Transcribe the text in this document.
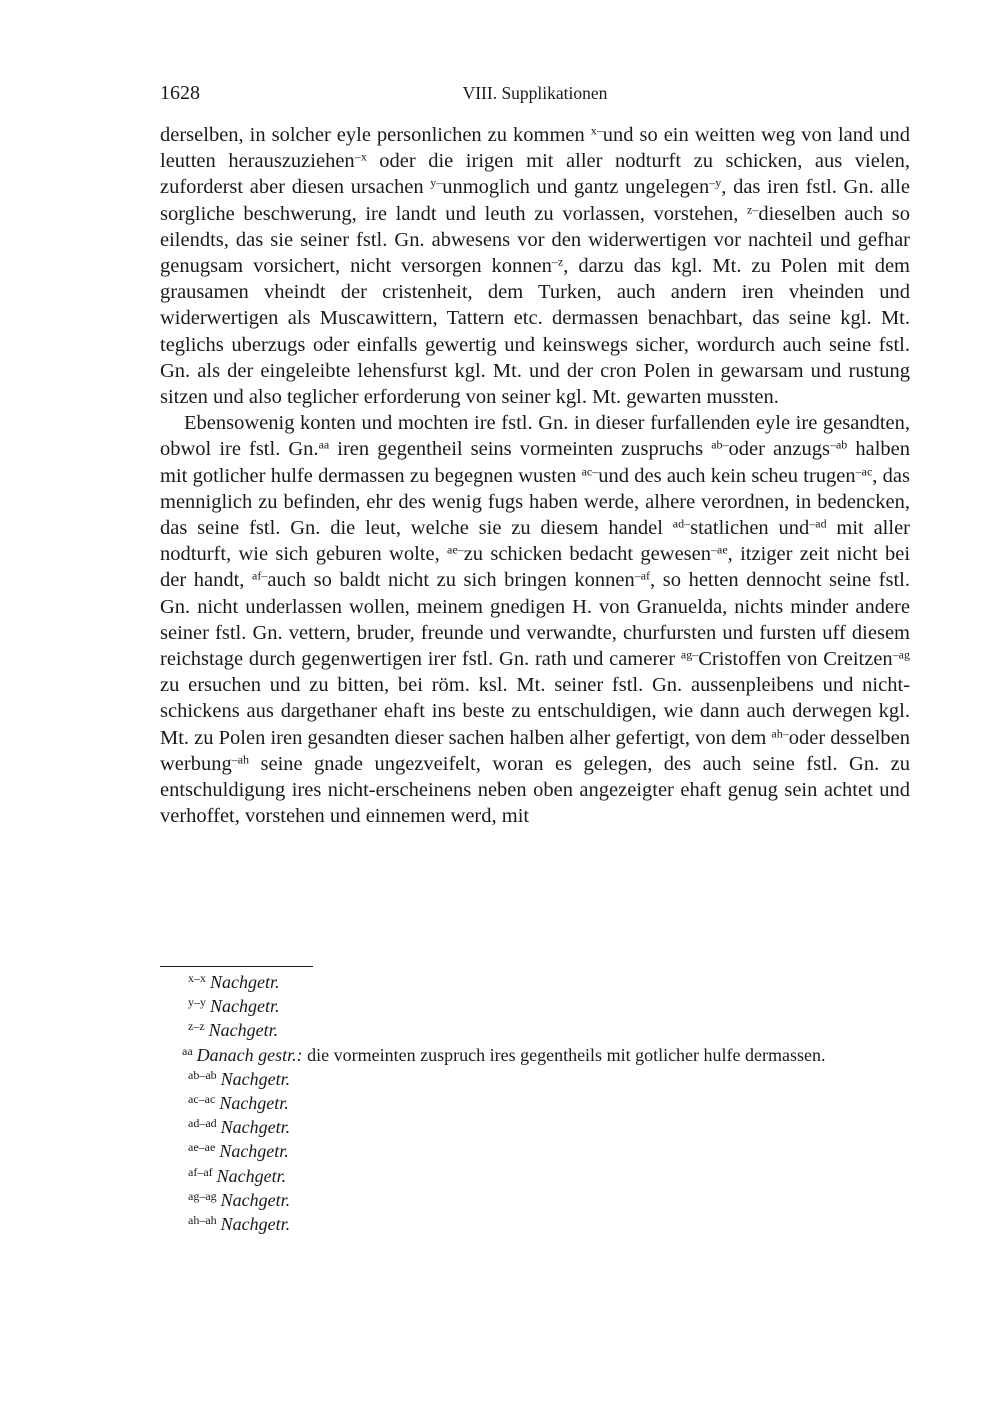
1628	VIII. Supplikationen

derselben, in solcher eyle personlichen zu kommen $^{x-}$und so ein weitten weg von land und leutten herauszuziehen$^{-x}$ oder die irigen mit aller nodturft zu schicken, aus vielen, zuforderst aber diesen ursachen $^{y-}$unmoglich und gantz ungelegen$^{-y}$, das iren fstl. Gn. alle sorgliche beschwerung, ire landt und leuth zu vorlassen, vorstehen, $^{z-}$dieselben auch so eilendts, das sie seiner fstl. Gn. abwesens vor den widerwertigen vor nachteil und gefhar genugsam vorsichert, nicht versorgen konnen$^{-z}$, darzu das kgl. Mt. zu Polen mit dem grausamen vheindt der cristenheit, dem Turken, auch andern iren vheinden und widerwertigen als Muscawittern, Tattern etc. dermassen benachbart, das seine kgl. Mt. teglichs uberzugs oder einfalls gewertig und keinswegs sicher, wordurch auch seine fstl. Gn. als der eingeleibte lehensfurst kgl. Mt. und der cron Polen in gewarsam und rustung sitzen und also teglicher erforderung von seiner kgl. Mt. gewarten mussten.

Ebensowenig konten und mochten ire fstl. Gn. in dieser furfallenden eyle ire gesandten, obwol ire fstl. Gn.$^{aa}$ iren gegentheil seins vormeinten zuspruchs $^{ab-}$oder anzugs$^{-ab}$ halben mit gotlicher hulfe dermassen zu begegnen wusten $^{ac-}$und des auch kein scheu trugen$^{-ac}$, das menniglich zu befinden, ehr des wenig fugs haben werde, alhere verordnen, in bedencken, das seine fstl. Gn. die leut, welche sie zu diesem handel $^{ad-}$statlichen und$^{-ad}$ mit aller nodturft, wie sich geburen wolte, $^{ae-}$zu schicken bedacht gewesen$^{-ae}$, itziger zeit nicht bei der handt, $^{af-}$auch so baldt nicht zu sich bringen konnen$^{-af}$, so hetten dennocht seine fstl. Gn. nicht underlassen wollen, meinem gnedigen H. von Granuelda, nichts minder andere seiner fstl. Gn. vettern, bruder, freunde und verwandte, churfursten und fursten uff diesem reichstage durch gegenwertigen irer fstl. Gn. rath und camerer $^{ag-}$Cristoffen von Creitzen$^{-ag}$ zu ersuchen und zu bitten, bei röm. ksl. Mt. seiner fstl. Gn. aussenpleibens und nicht-schickens aus dargethaner ehaft ins beste zu entschuldigen, wie dann auch derwegen kgl. Mt. zu Polen iren gesandten dieser sachen halben alher gefertigt, von dem $^{ah-}$oder desselben werbung$^{-ah}$ seine gnade ungezveifelt, woran es gelegen, des auch seine fstl. Gn. zu entschuldigung ires nicht-erscheinens neben oben angezeigter ehaft genug sein achtet und verhoffet, vorstehen und einnemen werd, mit

$^{x-x}$ Nachgetr.

$^{y-y}$ Nachgetr.

$^{z-z}$ Nachgetr.

$^{aa}$ Danach gestr.: die vormeinten zuspruch ires gegentheils mit gotlicher hulfe dermassen.

$^{ab-ab}$ Nachgetr.

$^{ac-ac}$ Nachgetr.

$^{ad-ad}$ Nachgetr.

$^{ae-ae}$ Nachgetr.

$^{af-af}$ Nachgetr.

$^{ag-ag}$ Nachgetr.

$^{ah-ah}$ Nachgetr.
